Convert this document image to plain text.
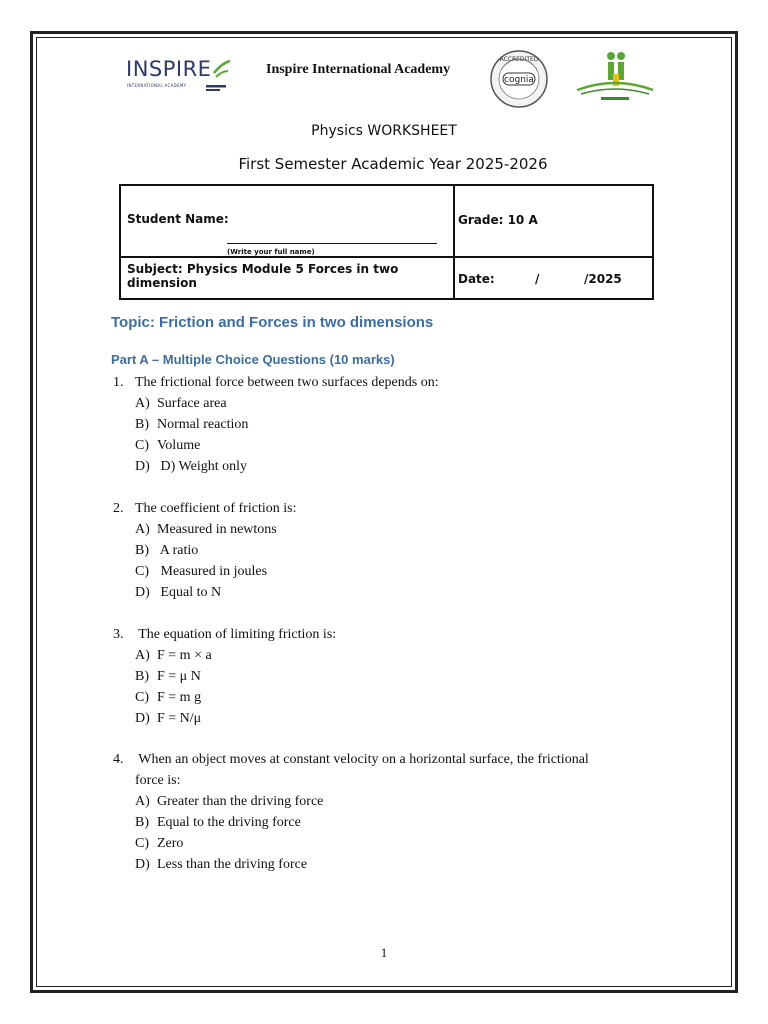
INSPIRE
INTERNATIONAL ACADEMY
Inspire International Academy
ACCREDITED
cognia
Physics WORKSHEET
First Semester Academic Year 2025-2026
Student Name:
(Write your full name)
Grade: 10 A
Subject: Physics Module 5 Forces in two dimension	Date:	/	/2025
Topic: Friction and Forces in two dimensions
Part A – Multiple Choice Questions (10 marks)
1. The frictional force between two surfaces depends on:
A) Surface area
B) Normal reaction
C) Volume
D) D) Weight only
2. The coefficient of friction is:
A) Measured in newtons
B) A ratio
C) Measured in joules
D) Equal to N
3. The equation of limiting friction is:
A) F = m × a
B) F = μ N
C) F = m g
D) F = N/μ
4. When an object moves at constant velocity on a horizontal surface, the frictional
force is:
A) Greater than the driving force
B) Equal to the driving force
C) Zero
D) Less than the driving force
1
